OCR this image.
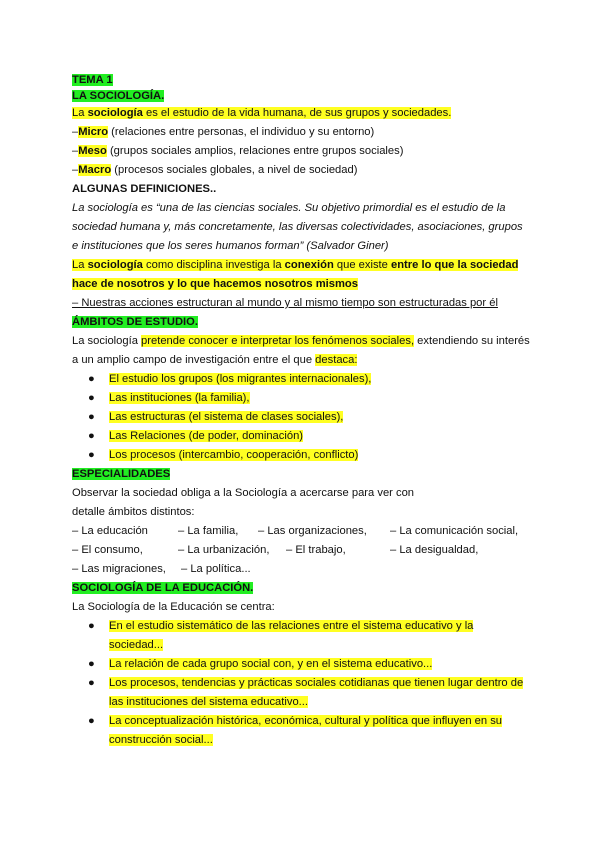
TEMA 1
LA SOCIOLOGÍA.
La sociología es el estudio de la vida humana, de sus grupos y sociedades.
–Micro (relaciones entre personas, el individuo y su entorno)
–Meso (grupos sociales amplios, relaciones entre grupos sociales)
–Macro (procesos sociales globales, a nivel de sociedad)
ALGUNAS DEFINICIONES..
La sociología es “una de las ciencias sociales. Su objetivo primordial es el estudio de la
sociedad humana y, más concretamente, las diversas colectividades, asociaciones, grupos
e instituciones que los seres humanos forman” (Salvador Giner)
La sociología como disciplina investiga la conexión que existe entre lo que la sociedad
hace de nosotros y lo que hacemos nosotros mismos
– Nuestras acciones estructuran al mundo y al mismo tiempo son estructuradas por él
ÁMBITOS DE ESTUDIO.
La sociología pretende conocer e interpretar los fenómenos sociales, extendiendo su interés
a un amplio campo de investigación entre el que destaca:
● El estudio los grupos (los migrantes internacionales),
● Las instituciones (la familia),
● Las estructuras (el sistema de clases sociales),
● Las Relaciones (de poder, dominación)
● Los procesos (intercambio, cooperación, conflicto)
ESPECIALIDADES
Observar la sociedad obliga a la Sociología a acercarse para ver con
detalle ámbitos distintos:
– La educación	– La familia,	– Las organizaciones,	– La comunicación social,
– El consumo,	– La urbanización,	– El trabajo,	– La desigualdad,
– Las migraciones,	– La política...
SOCIOLOGÍA DE LA EDUCACIÓN.
La Sociología de la Educación se centra:
● En el estudio sistemático de las relaciones entre el sistema educativo y la
sociedad...
● La relación de cada grupo social con, y en el sistema educativo...
● Los procesos, tendencias y prácticas sociales cotidianas que tienen lugar dentro de
las instituciones del sistema educativo...
● La conceptualización histórica, económica, cultural y política que influyen en su
construcción social...
